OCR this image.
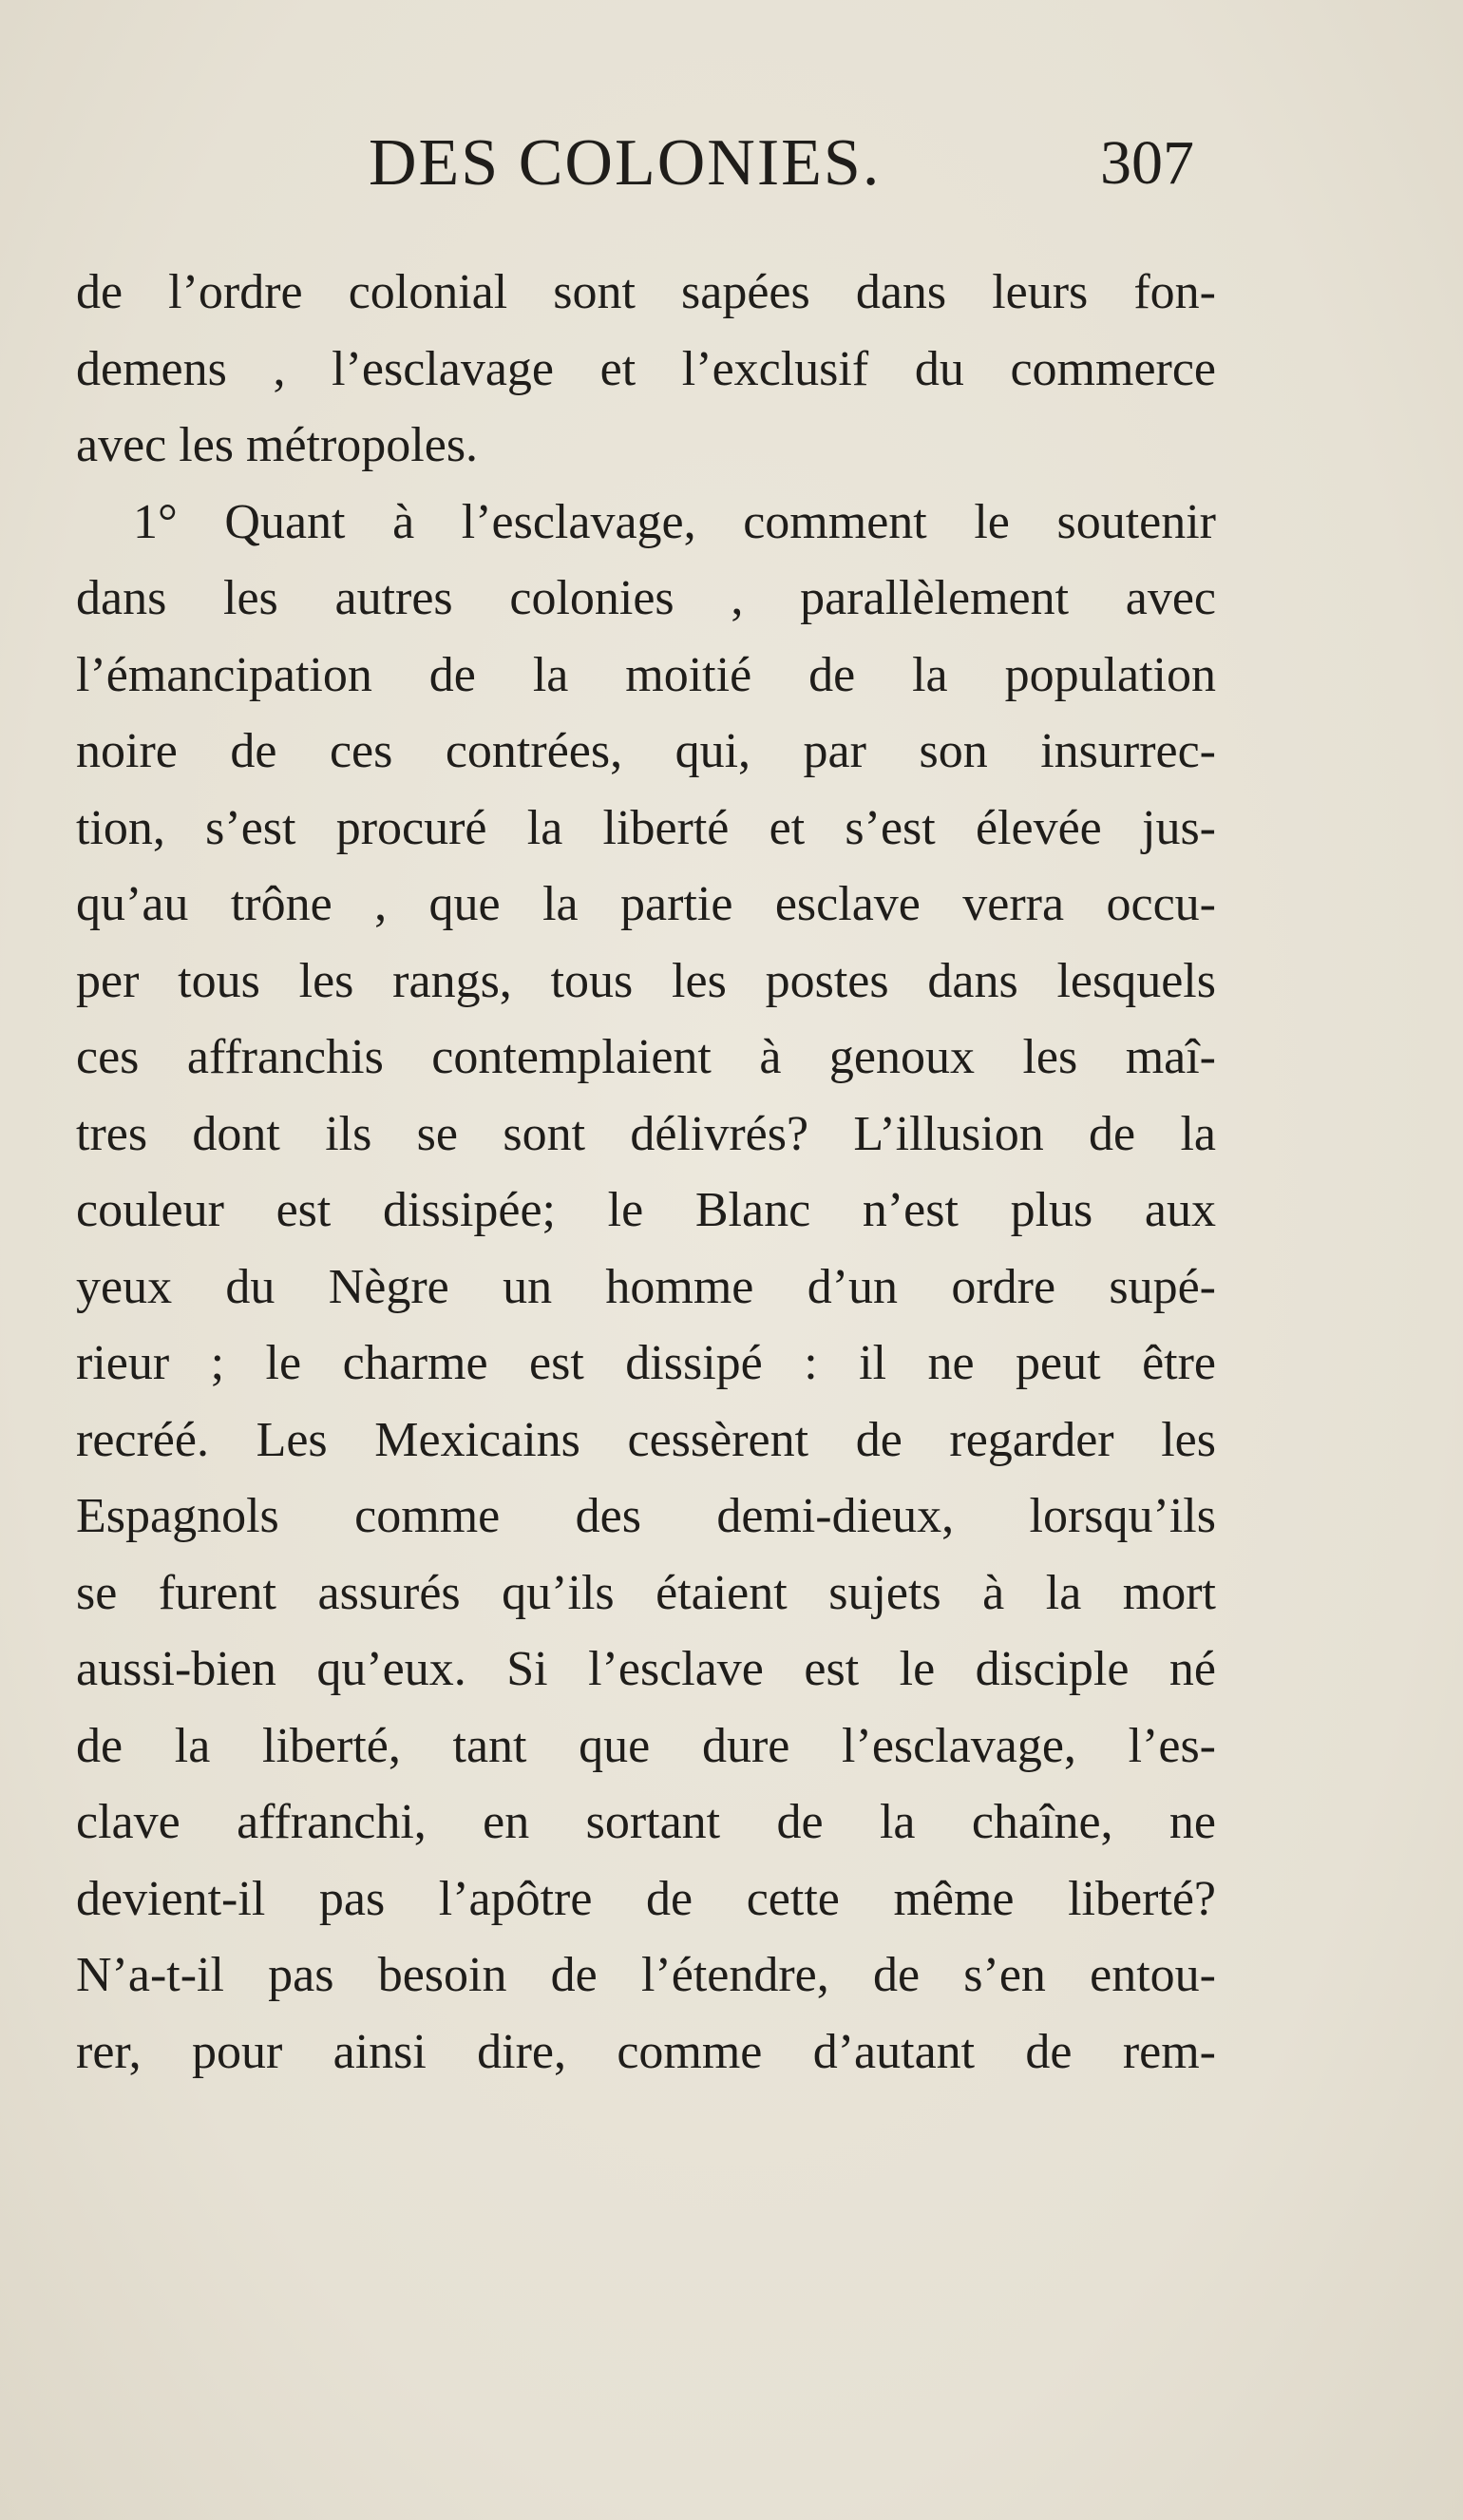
DES COLONIES.	307
de l’ordre colonial sont sapées dans leurs fon-
demens , l’esclavage et l’exclusif du commerce
avec les métropoles.
1° Quant à l’esclavage, comment le soutenir
dans les autres colonies , parallèlement avec
l’émancipation de la moitié de la population
noire de ces contrées, qui, par son insurrec-
tion, s’est procuré la liberté et s’est élevée jus-
qu’au trône , que la partie esclave verra occu-
per tous les rangs, tous les postes dans lesquels
ces affranchis contemplaient à genoux les maî-
tres dont ils se sont délivrés? L’illusion de la
couleur est dissipée; le Blanc n’est plus aux
yeux du Nègre un homme d’un ordre supé-
rieur ; le charme est dissipé : il ne peut être
recréé. Les Mexicains cessèrent de regarder les
Espagnols comme des demi-dieux, lorsqu’ils
se furent assurés qu’ils étaient sujets à la mort
aussi-bien qu’eux. Si l’esclave est le disciple né
de la liberté, tant que dure l’esclavage, l’es-
clave affranchi, en sortant de la chaîne, ne
devient-il pas l’apôtre de cette même liberté?
N’a-t-il pas besoin de l’étendre, de s’en entou-
rer, pour ainsi dire, comme d’autant de rem-
